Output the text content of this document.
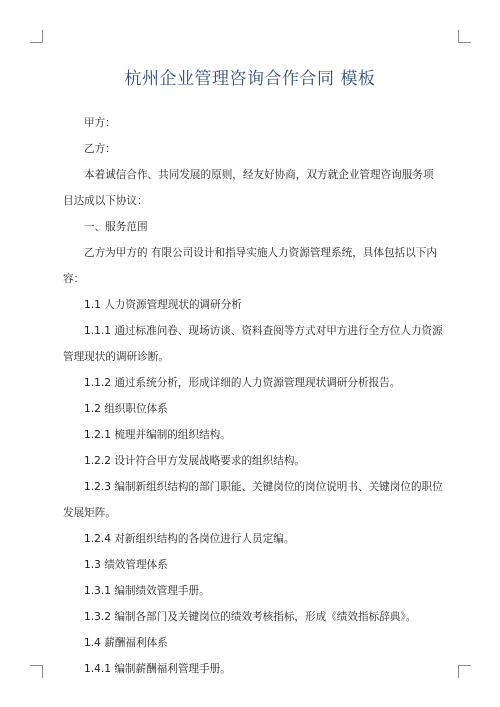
杭州企业管理咨询合作合同 模板

甲方：

乙方：

本着诚信合作、共同发展的原则，经友好协商，双方就企业管理咨询服务项目达成以下协议：

一、服务范围

乙方为甲方的 有限公司设计和指导实施人力资源管理系统，具体包括以下内容：

1.1 人力资源管理现状的调研分析

1.1.1 通过标准问卷、现场访谈、资料查阅等方式对甲方进行全方位人力资源管理现状的调研诊断。

1.1.2 通过系统分析，形成详细的人力资源管理现状调研分析报告。

1.2 组织职位体系

1.2.1 梳理并编制的组织结构。

1.2.2 设计符合甲方发展战略要求的组织结构。

1.2.3 编制新组织结构的部门职能、关键岗位的岗位说明书、关键岗位的职位发展矩阵。

1.2.4 对新组织结构的各岗位进行人员定编。

1.3 绩效管理体系

1.3.1 编制绩效管理手册。

1.3.2 编制各部门及关键岗位的绩效考核指标，形成《绩效指标辞典》。

1.4 薪酬福利体系

1.4.1 编制薪酬福利管理手册。
